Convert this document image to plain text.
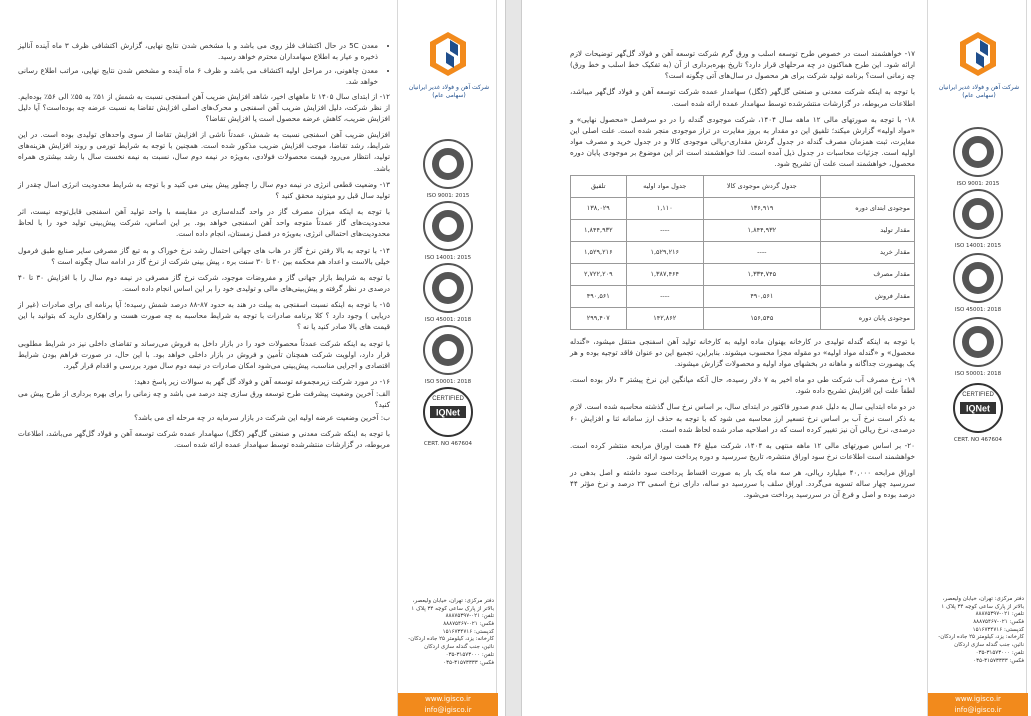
• معدن 5C در حال اکتشاف فلز روی می باشد و با مشخص شدن نتایج نهایی، گزارش اکتشافی ظرف ۳ ماه آینده آنالیز ذخیره و عیار به اطلاع سهامداران محترم خواهد رسید.
• معدن چاهونی، در مراحل اولیه اکتشاف می باشد و ظرف ۶ ماه آینده و مشخص شدن نتایج نهایی، مراتب اطلاع رسانی خواهد شد.

۱۲- از ابتدای سال ۱۴۰۵ تا ماههای اخیر، شاهد افزایش ضریب آهن اسفنجی نسبت به شمش از ۵۱٪ به ۵۵٪ الی ۵۶٪ بوده‌ایم. از نظر شرکت، دلیل افزایش ضریب آهن اسفنجی و محرک‌های اصلی افزایش تقاضا به نسبت عرضه چه بوده‌است؟ آیا دلیل افزایش ضریب، کاهش عرضه محصول است یا افزایش تقاضا؟

افزایش ضریب آهن اسفنجی نسبت به شمش، عمدتاً ناشی از افزایش تقاضا از سوی واحدهای تولیدی بوده است. در این شرایط، رشد تقاضا، موجب افزایش ضریب مذکور شده است. همچنین با توجه به شرایط تورمی و روند افزایش هزینه‌های تولید، انتظار می‌رود قیمت محصولات فولادی، به‌ویژه در نیمه دوم سال، نسبت به نیمه نخست سال با رشد بیشتری همراه باشد.

۱۳- وضعیت قطعی انرژی در نیمه دوم سال را چطور پیش بینی می کنید و با توجه به شرایط محدودیت انرژی اسال چقدر از تولید سال قبل رو میتونید محقق کنید ؟

با توجه به اینکه میزان مصرف گاز در واحد گندله‌سازی در مقایسه با واحد تولید آهن اسفنجی قابل‌توجه نیست، اثر محدودیت‌های گاز عمدتاً متوجه واحد آهن اسفنجی خواهد بود. بر این اساس، شرکت پیش‌بینی تولید خود را با لحاظ محدودیت‌های احتمالی انرژی، به‌ویژه در فصل زمستان، انجام داده است.

۱۴- با توجه به بالا رفتن نرخ گاز در هاب های جهانی احتمال رشد نرخ خوراک و به تبع گاز مصرفی سایر صنایع طبق فرمول خیلی بالاست و اعداد هم محکمه بین ۲۰ تا ۳۰ سنت بره ، پیش بینی شرکت از نرخ گاز در ادامه سال چگونه است ؟

با توجه به شرایط بازار جهانی گاز و مفروضات موجود، شرکت نرخ گاز مصرفی در نیمه دوم سال را با افزایش ۳۰ تا ۴۰ درصدی در نظر گرفته و پیش‌بینی‌های مالی و تولیدی خود را بر این اساس انجام داده است.

۱۵- با توجه به اینکه نسبت اسفنجی به بیلت در هند به حدود ۸۷-۸۸ درصد شمش رسیده؛ آیا برنامه ای برای صادرات (غیر از دریایی ) وجود دارد ؟ کلا برنامه صادرات با توجه به شرایط محاسبه به چه صورت هست و راهکاری دارید که بتوانید با این قیمت های بالا صادر کنید یا نه ؟

با توجه به اینکه شرکت عمدتاً محصولات خود را در بازار داخل به فروش می‌رساند و تقاضای داخلی نیز در شرایط مطلوبی قرار دارد، اولویت شرکت همچنان تأمین و فروش در بازار داخلی خواهد بود. با این حال، در صورت فراهم بودن شرایط اقتصادی و اجرایی مناسب، پیش‌بینی می‌شود امکان صادرات در نیمه دوم سال مورد بررسی و اقدام قرار گیرد.

۱۶- در مورد شرکت زیرمجموعه توسعه آهن و فولاد گل گهر به سوالات زیر پاسخ دهید:

الف: آخرین وضعیت پیشرفت طرح توسعه ورق سازی چند درصد می باشد و چه زمانی را برای بهره برداری از طرح پیش می کنید؟

ب: آخرین وضعیت عرضه اولیه این شرکت در بازار سرمایه در چه مرحله ای می باشد؟

با توجه به اینکه شرکت معدنی و صنعتی گل‌گهر (کگل) سهامدار عمده شرکت توسعه آهن و فولاد گل‌گهر می‌باشد، اطلاعات مربوطه، در گزارشات منتشرشده توسط سهامدار عمده ارائه شده است.

شرکت آهن و فولاد غدیر ایرانیان
(سهامی عام)
ISO 9001: 2015
ISO 14001: 2015
ISO 45001: 2018
ISO 50001: 2018
CERTIFIED
IQNet
CERT. NO 467604
دفتر مرکزی: تهران، خیابان ولیعصر، بالاتر از پارک ساعی کوچه ۳۴ پلاک ۱
تلفن: ۰۲۱-۸۸۸۷۵۳۹۷
فکس: ۰۲۱-۸۸۸۷۵۴۶۷
کدپستی: ۱۵۱۶۷۳۴۷۱۶
کارخانه: یزد، کیلومتر ۲۵ جاده اردکان- نائین، جنب گندله سازی اردکان
تلفن: ۳۱۵۷۳۰۰۰-۰۳۵
فکس: ۳۱۵۷۳۳۳۳-۰۳۵
www.igisco.ir
info@igisco.ir

۱۷- خواهشمند است در خصوص طرح توسعه اسلب و ورق گرم شرکت توسعه آهن و فولاد گل‌گهر توضیحات لازم ارائه شود. این طرح هماکنون در چه مرحلهای قرار دارد؟ تاریخ بهره‌برداری از آن (به تفکیک خط اسلب و خط ورق) چه زمانی است؟ برنامه تولید شرکت برای هر محصول در سال‌های آتی چگونه است؟

با توجه به اینکه شرکت معدنی و صنعتی گل‌گهر (کگل) سهامدار عمده شرکت توسعه آهن و فولاد گل‌گهر میباشد، اطلاعات مربوطه، در گزارشات منتشرشده توسط سهامدار عمده ارائه شده است.

۱۸- با توجه به صورتهای مالی ۱۲ ماهه سال ۱۴۰۴، شرکت موجودی گندله را در دو سرفصل «محصول نهایی» و «مواد اولیه» گزارش میکند؛ تلفیق این دو مقدار به بروز مغایرت در تراز موجودی منجر شده است. علت اصلی این مغایرت، ثبت همزمان مصرف گندله در جدول گردش مقداری-ریالی موجودی کالا و در جدول خرید و مصرف مواد اولیه است. جزئیات محاسبات در جدول ذیل آمده است. لذا خواهشمند است اثر این موضوع بر موجودی پایان دوره محصول، خواهشمند است علت آن تشریح شود.

	جدول گردش موجودی کالا	جدول مواد اولیه	تلفیق
موجودی ابتدای دوره	۱۳۶,۹۱۹	۱,۱۱۰	۱۳۸,۰۲۹
مقدار تولید	۱,۸۴۴,۹۳۲	----	۱,۸۴۴,۹۳۲
مقدار خرید	----	۱,۵۲۹,۲۱۶	۱,۵۲۹,۲۱۶
مقدار مصرف	۱,۳۳۴,۷۴۵	۱,۳۸۷,۴۶۴	۲,۷۲۲,۲۰۹
مقدار فروش	۴۹۰,۵۶۱	----	۴۹۰,۵۶۱
موجودی پایان دوره	۱۵۶,۵۴۵	۱۴۲,۸۶۲	۲۹۹,۴۰۷

با توجه به اینکه گندله تولیدی در کارخانه بهنوان ماده اولیه به کارخانه تولید آهن اسفنجی منتقل میشود، «گندله محصول» و «گندله مواد اولیه» دو مقوله مجزا محسوب میشوند. بنابراین، تجمیع این دو عنوان فاقد توجیه بوده و هر یک بهصورت جداگانه و ماهانه در بخشهای مواد اولیه و محصولات گزارش میشوند.

۱۹- نرخ مصرف آب شرکت طی دو ماه اخیر به ۷ دلار رسیده، حال آنکه میانگین این نرخ پیشتر ۳ دلار بوده است. لطفاً علت این افزایش تشریح داده شود.

در دو ماه ابتدایی سال به دلیل عدم صدور فاکتور در ابتدای سال، بر اساس نرخ سال گذشته محاسبه شده است. لازم به ذکر است نرخ آب بر اساس نرخ تسعیر ارز محاسبه می شود که با توجه به حذف ارز سامانه ثنا و افزایش ۶۰ درصدی، نرخ ریالی آن نیز تغییر کرده است که در اصلاحیه صادر شده لحاظ شده است.

۲۰- بر اساس صورتهای مالی ۱۲ ماهه منتهی به ۱۴۰۴، شرکت مبلغ ۴۶ همت اوراق مرابحه منتشر کرده است. خواهشمند است اطلاعات نرخ سود اوراق منتشره، تاریخ سررسید و دوره پرداخت سود ارائه شود.

اوراق مرابحه ۴۰,۰۰۰ میلیارد ریالی، هر سه ماه یک بار به صورت اقساط پرداخت سود داشته و اصل بدهی در سررسید چهار ساله تسویه می‌گردد. اوراق سلف با سررسید دو ساله، دارای نرخ اسمی ۲۳ درصد و نرخ مؤثر ۴۴ درصد بوده و اصل و فرع آن در سررسید پرداخت می‌شود.

شرکت آهن و فولاد غدیر ایرانیان
(سهامی عام)
ISO 9001: 2015
ISO 14001: 2015
ISO 45001: 2018
ISO 50001: 2018
CERTIFIED
IQNet
CERT. NO 467604
دفتر مرکزی: تهران، خیابان ولیعصر، بالاتر از پارک ساعی کوچه ۳۴ پلاک ۱
تلفن: ۰۲۱-۸۸۸۷۵۳۹۷
فکس: ۰۲۱-۸۸۸۷۵۴۶۷
کدپستی: ۱۵۱۶۷۳۴۷۱۶
کارخانه: یزد، کیلومتر ۲۵ جاده اردکان- نائین، جنب گندله سازی اردکان
تلفن: ۳۱۵۷۳۰۰۰-۰۳۵
فکس: ۳۱۵۷۳۳۳۳-۰۳۵
www.igisco.ir
info@igisco.ir
